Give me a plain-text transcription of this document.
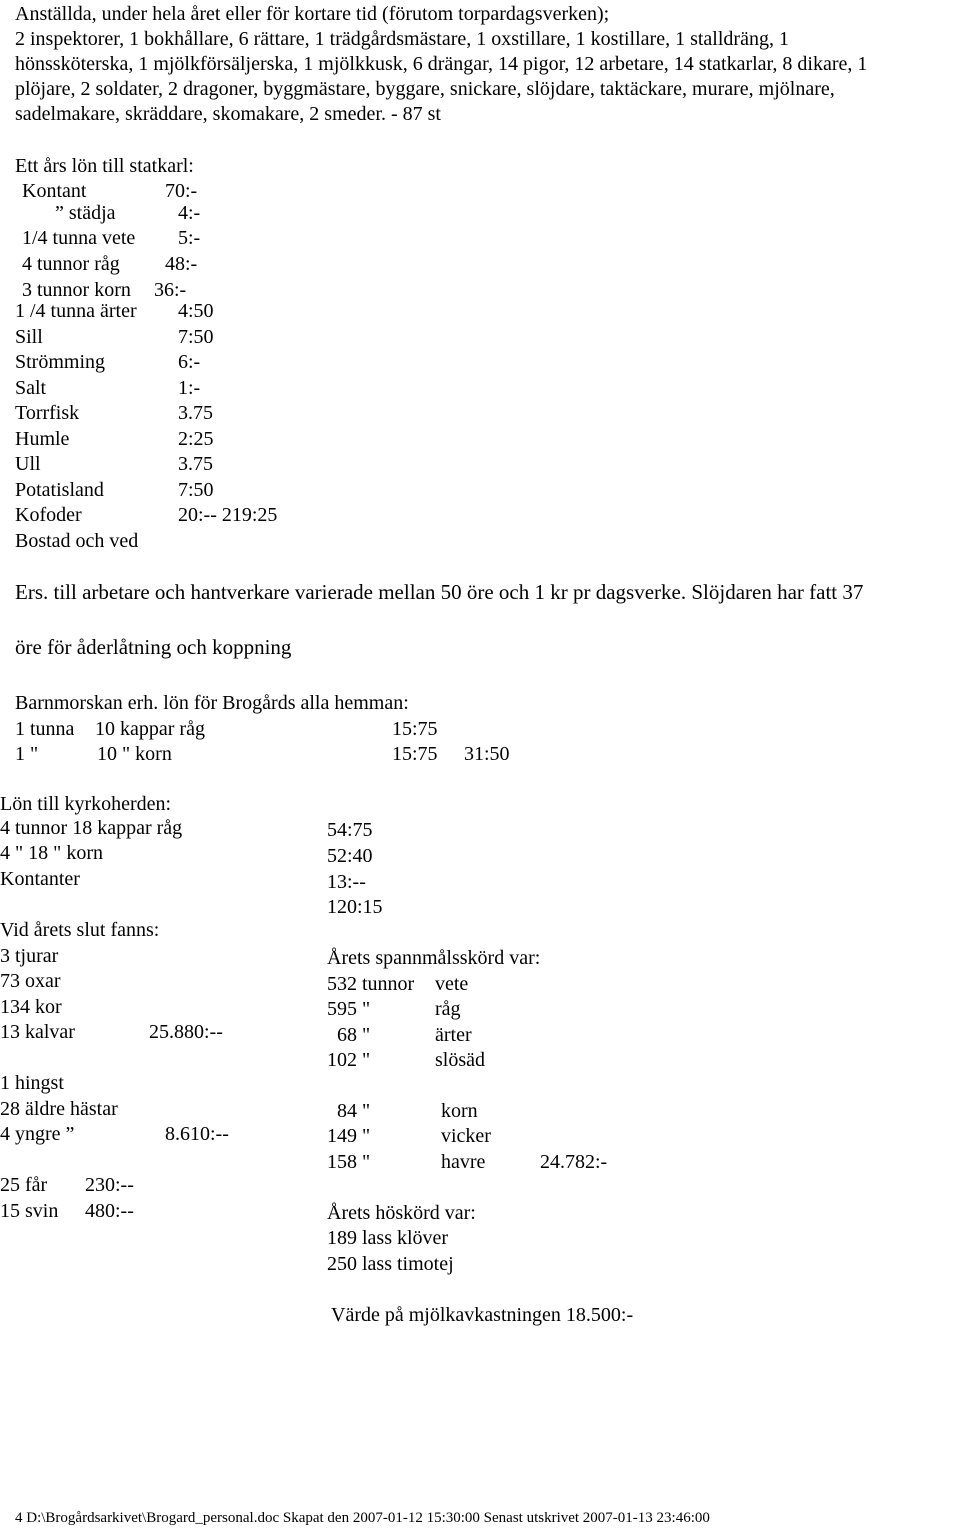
Anställda, under hela året eller för kortare tid (förutom torpardagsverken);
2 inspektorer, 1 bokhållare, 6 rättare, 1 trädgårdsmästare, 1 oxstillare, 1 kostillare, 1 stalldräng, 1
hönssköterska, 1 mjölkförsäljerska, 1 mjölkkusk, 6 drängar, 14 pigor, 12 arbetare, 14 statkarlar, 8 dikare, 1
plöjare, 2 soldater, 2 dragoner, byggmästare, byggare, snickare, slöjdare, taktäckare, murare, mjölnare,
sadelmakare, skräddare, skomakare, 2 smeder. - 87 st
Ett års lön till statkarl:
Kontant	70:-
” städja	4:-
1/4 tunna vete 5:-
4 tunnor råg 48:-
3 tunnor korn 36:-
1 /4 tunna ärter 4:50
Sill	7:50
Strömming	6:-
Salt	1:-
Torrfisk	3.75
Humle	2:25
Ull	3.75
Potatisland	7:50
Kofoder	20:-- 219:25
Bostad och ved
Ers. till arbetare och hantverkare varierade mellan 50 öre och 1 kr pr dagsverke. Slöjdaren har fatt 37
öre för åderlåtning och koppning
Barnmorskan erh. lön för Brogårds alla hemman:
1 tunna 10 kappar råg	15:75
1 "	10 " korn	15:75 31:50
Lön till kyrkoherden:
4 tunnor 18 kappar råg	54:75
4 " 18 " korn	52:40
Kontanter	13:--
120:15
Vid årets slut fanns:
3 tjurar
73 oxar
134 kor
13 kalvar	25.880:--
1 hingst
28 äldre hästar
4 yngre ”	8.610:--
25 får 230:--
15 svin 480:--
Årets spannmålsskörd var:
532 tunnor vete
595 "	råg
68 "	ärter
102 "	slösäd
84 "	korn
149 "	vicker
158 "	havre	24.782:-
Årets höskörd var:
189 lass klöver
250 lass timotej
Värde på mjölkavkastningen 18.500:-
4 D:\Brogårdsarkivet\Brogard_personal.doc Skapat den 2007-01-12 15:30:00 Senast utskrivet 2007-01-13 23:46:00
